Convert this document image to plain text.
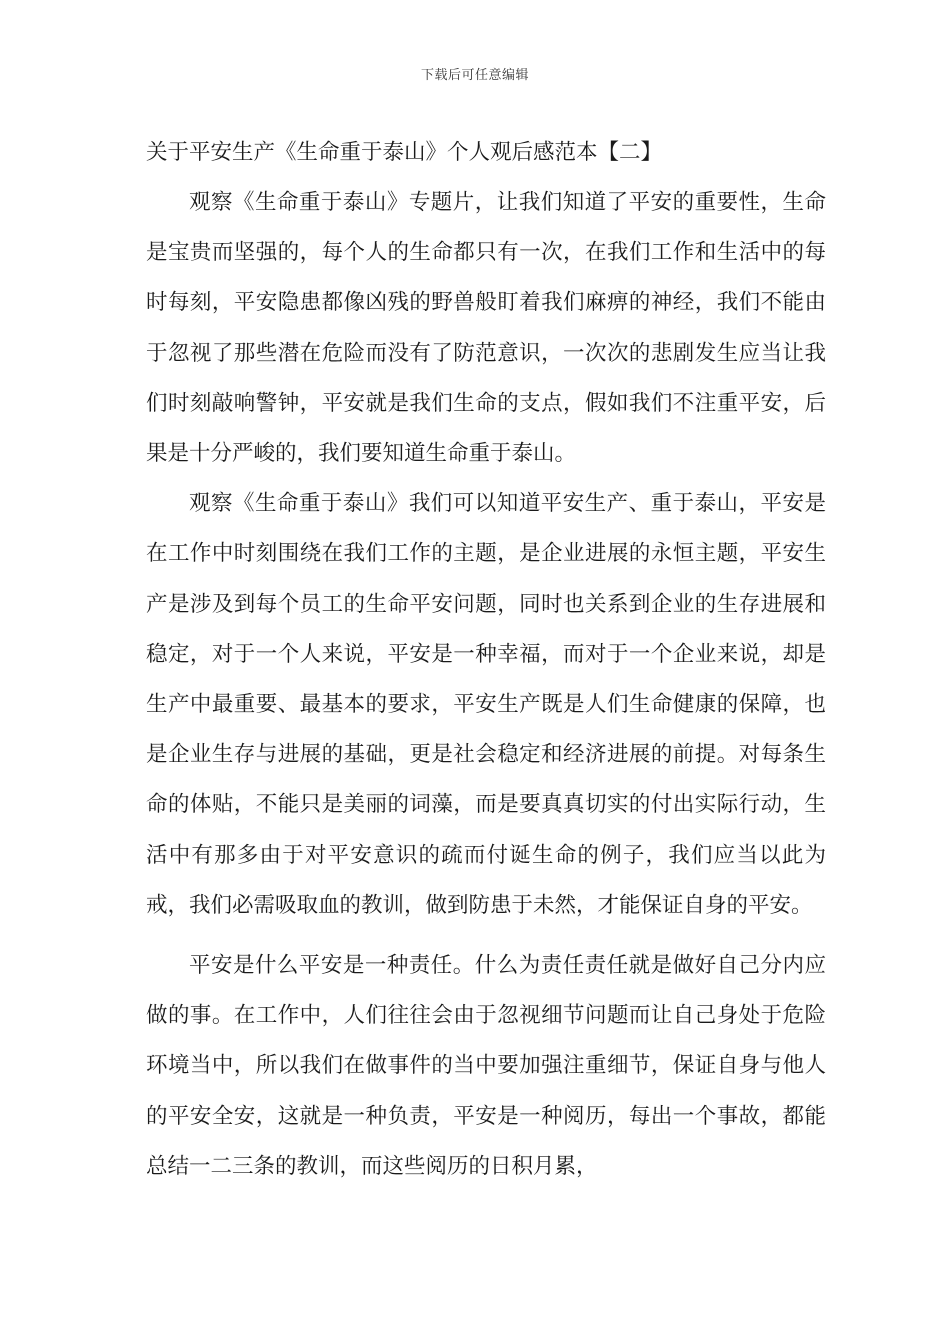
下载后可任意编辑
关于平安生产《生命重于泰山》个人观后感范本【二】

观察《生命重于泰山》专题片，让我们知道了平安的重要性，生命是宝贵而坚强的，每个人的生命都只有一次，在我们工作和生活中的每时每刻，平安隐患都像凶残的野兽般盯着我们麻痹的神经，我们不能由于忽视了那些潜在危险而没有了防范意识，一次次的悲剧发生应当让我们时刻敲响警钟，平安就是我们生命的支点，假如我们不注重平安，后果是十分严峻的，我们要知道生命重于泰山。

观察《生命重于泰山》我们可以知道平安生产、重于泰山，平安是在工作中时刻围绕在我们工作的主题，是企业进展的永恒主题，平安生产是涉及到每个员工的生命平安问题，同时也关系到企业的生存进展和稳定，对于一个人来说，平安是一种幸福，而对于一个企业来说，却是生产中最重要、最基本的要求，平安生产既是人们生命健康的保障，也是企业生存与进展的基础，更是社会稳定和经济进展的前提。对每条生命的体贴，不能只是美丽的词藻，而是要真真切实的付出实际行动，生活中有那多由于对平安意识的疏而付诞生命的例子，我们应当以此为戒，我们必需吸取血的教训，做到防患于未然，才能保证自身的平安。

平安是什么平安是一种责任。什么为责任责任就是做好自己分内应做的事。在工作中，人们往往会由于忽视细节问题而让自己身处于危险环境当中，所以我们在做事件的当中要加强注重细节，保证自身与他人的平安全安，这就是一种负责，平安是一种阅历，每出一个事故，都能总结一二三条的教训，而这些阅历的日积月累，
